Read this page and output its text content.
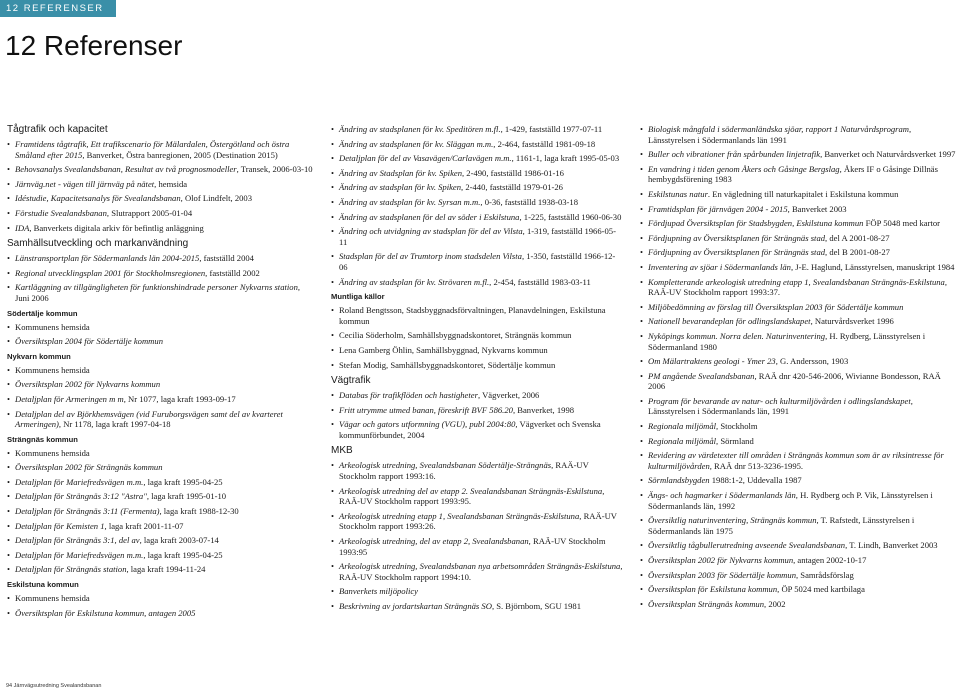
12 REFERENSER
12 Referenser
Tågtrafik och kapacitet
• Framtidens tågtrafik, Ett trafikscenario för Mälardalen, Östergötland och östra Småland efter 2015, Banverket, Östra banregionen, 2005 (Destination 2015)
• Behovsanalys Svealandsbanan, Resultat av två prognosmodeller, Transek, 2006-03-10
• Järnväg.net - vägen till järnväg på nätet, hemsida
• Idéstudie, Kapacitetsanalys för Svealandsbanan, Olof Lindfelt, 2003
• Förstudie Svealandsbanan, Slutrapport 2005-01-04
• IDA, Banverkets digitala arkiv för befintlig anläggning
Samhällsutveckling och markanvändning
• Länstransportplan för Södermanlands län 2004-2015, fastställd 2004
• Regional utvecklingsplan 2001 för Stockholmsregionen, fastställd 2002
• Kartläggning av tillgängligheten för funktionshindrade personer Nykvarns station, Juni 2006
Södertälje kommun
• Kommunens hemsida
• Översiktsplan 2004 för Södertälje kommun
Nykvarn kommun
• Kommunens hemsida
• Översiktsplan 2002 för Nykvarns kommun
• Detaljplan för Armeringen m m, Nr 1077, laga kraft 1993-09-17
• Detaljplan del av Björkhemsvägen (vid Furuborgsvägen samt del av kvarteret Armeringen), Nr 1178, laga kraft 1997-04-18
Strängnäs kommun
• Kommunens hemsida
• Översiktsplan 2002 för Strängnäs kommun
• Detaljplan för Mariefredsvägen m.m., laga kraft 1995-04-25
• Detaljplan för Strängnäs 3:12 "Astra", laga kraft 1995-01-10
• Detaljplan för Strängnäs 3:11 (Fermenta), laga kraft 1988-12-30
• Detaljplan för Kemisten 1, laga kraft 2001-11-07
• Detaljplan för Strängnäs 3:1, del av, laga kraft 2003-07-14
• Detaljplan för Mariefredsvägen m.m., laga kraft 1995-04-25
• Detaljplan för Strängnäs station, laga kraft 1994-11-24
Eskilstuna kommun
• Kommunens hemsida
• Översiktsplan för Eskilstuna kommun, antagen 2005
• Ändring av stadsplanen för kv. Speditören m.fl., 1-429, fastställd 1977-07-11
• Ändring av stadsplanen för kv. Släggan m.m., 2-464, fastställd 1981-09-18
• Detaljplan för del av Vasavägen/Carlavägen m.m., 1161-1, laga kraft 1995-05-03
• Ändring av Stadsplan för kv. Spiken, 2-490, fastställd 1986-01-16
• Ändring av stadsplan för kv. Spiken, 2-440, fastställd 1979-01-26
• Ändring av stadsplan för kv. Syrsan m.m., 0-36, fastställd 1938-03-18
• Ändring av stadsplanen för del av söder i Eskilstuna, 1-225, fastställd 1960-06-30
• Ändring och utvidgning av stadsplan för del av Vilsta, 1-319, fastställd 1966-05-11
• Stadsplan för del av Trumtorp inom stadsdelen Vilsta, 1-350, fastställd 1966-12-06
• Ändring av stadsplan för kv. Strövaren m.fl., 2-454, fastställd 1983-03-11
Muntliga källor
• Roland Bengtsson, Stadsbyggnadsförvaltningen, Planavdelningen, Eskilstuna kommun
• Cecilia Söderholm, Samhällsbyggnadskontoret, Strängnäs kommun
• Lena Gamberg Öhlin, Samhällsbyggnad, Nykvarns kommun
• Stefan Modig, Samhällsbyggnadskontoret, Södertälje kommun
Vägtrafik
• Databas för trafikflöden och hastigheter, Vägverket, 2006
• Fritt utrymme utmed banan, föreskrift BVF 586.20, Banverket, 1998
• Vägar och gators utformning (VGU), publ 2004:80, Vägverket och Svenska kommunförbundet, 2004
MKB
• Arkeologisk utredning, Svealandsbanan Södertälje-Strängnäs, RAÄ-UV Stockholm rapport 1993:16.
• Arkeologisk utredning del av etapp 2. Svealandsbanan Strängnäs-Eskilstuna, RAÄ-UV Stockholm rapport 1993:95.
• Arkeologisk utredning etapp 1, Svealandsbanan Strängnäs-Eskilstuna, RAÄ-UV Stockholm rapport 1993:26.
• Arkeologisk utredning, del av etapp 2, Svealandsbanan, RAÄ-UV Stockholm 1993:95
• Arkeologisk utredning, Svealandsbanan nya arbetsområden Strängnäs-Eskilstuna, RAÄ-UV Stockholm rapport 1994:10.
• Banverkets miljöpolicy
• Beskrivning av jordartskartan Strängnäs SO, S. Björnbom, SGU 1981
• Biologisk mångfald i södermanländska sjöar, rapport 1 Naturvårdsprogram, Länsstyrelsen i Södermanlands län 1991
• Buller och vibrationer från spårbunden linjetrafik, Banverket och Naturvårdsverket 1997
• En vandring i tiden genom Åkers och Gåsinge Bergslag, Åkers IF o Gåsinge Dillnäs hembygdsförening 1983
• Eskilstunas natur. En vägledning till naturkapitalet i Eskilstuna kommun
• Framtidsplan för järnvägen 2004 - 2015, Banverket 2003
• Fördjupad Översiktsplan för Stadsbygden, Eskilstuna kommun FÖP 5048 med kartor
• Fördjupning av Översiktsplanen för Strängnäs stad, del A 2001-08-27
• Fördjupning av Översiktsplanen för Strängnäs stad, del B 2001-08-27
• Inventering av sjöar i Södermanlands län, J-E. Haglund, Länsstyrelsen, manuskript 1984
• Kompletterande arkeologisk utredning etapp 1, Svealandsbanan Strängnäs-Eskilstuna, RAÄ-UV Stockholm rapport 1993:37.
• Miljöbedömning av förslag till Översiktsplan 2003 för Södertälje kommun
• Nationell bevarandeplan för odlingslandskapet, Naturvårdsverket 1996
• Nyköpings kommun. Norra delen. Naturinventering, H. Rydberg, Länsstyrelsen i Södermanland 1980
• Om Mälartraktens geologi - Ymer 23, G. Andersson, 1903
• PM angående Svealandsbanan, RAÄ dnr 420-546-2006, Wivianne Bondesson, RAÄ 2006
• Program för bevarande av natur- och kulturmiljövården i odlingslandskapet, Länsstyrelsen i Södermanlands län, 1991
• Regionala miljömål, Stockholm
• Regionala miljömål, Sörmland
• Revidering av värdetexter till områden i Strängnäs kommun som är av riksintresse för kulturmiljövården, RAÄ dnr 513-3236-1995.
• Sörmlandsbygden 1988:1-2, Uddevalla 1987
• Ängs- och hagmarker i Södermanlands län, H. Rydberg och P. Vik, Länsstyrelsen i Södermanlands län, 1992
• Översiktlig naturinventering, Strängnäs kommun, T. Rafstedt, Länsstyrelsen i Södermanlands län 1975
• Översiktlig tågbullerutredning avseende Svealandsbanan, T. Lindh, Banverket 2003
• Översiktsplan 2002 för Nykvarns kommun, antagen 2002-10-17
• Översiktsplan 2003 för Södertälje kommun, Samrådsförslag
• Översiktsplan för Eskilstuna kommun, ÖP 5024 med kartbilaga
• Översiktsplan Strängnäs kommun, 2002
94 Järnvägsutredning Svealandsbanan
